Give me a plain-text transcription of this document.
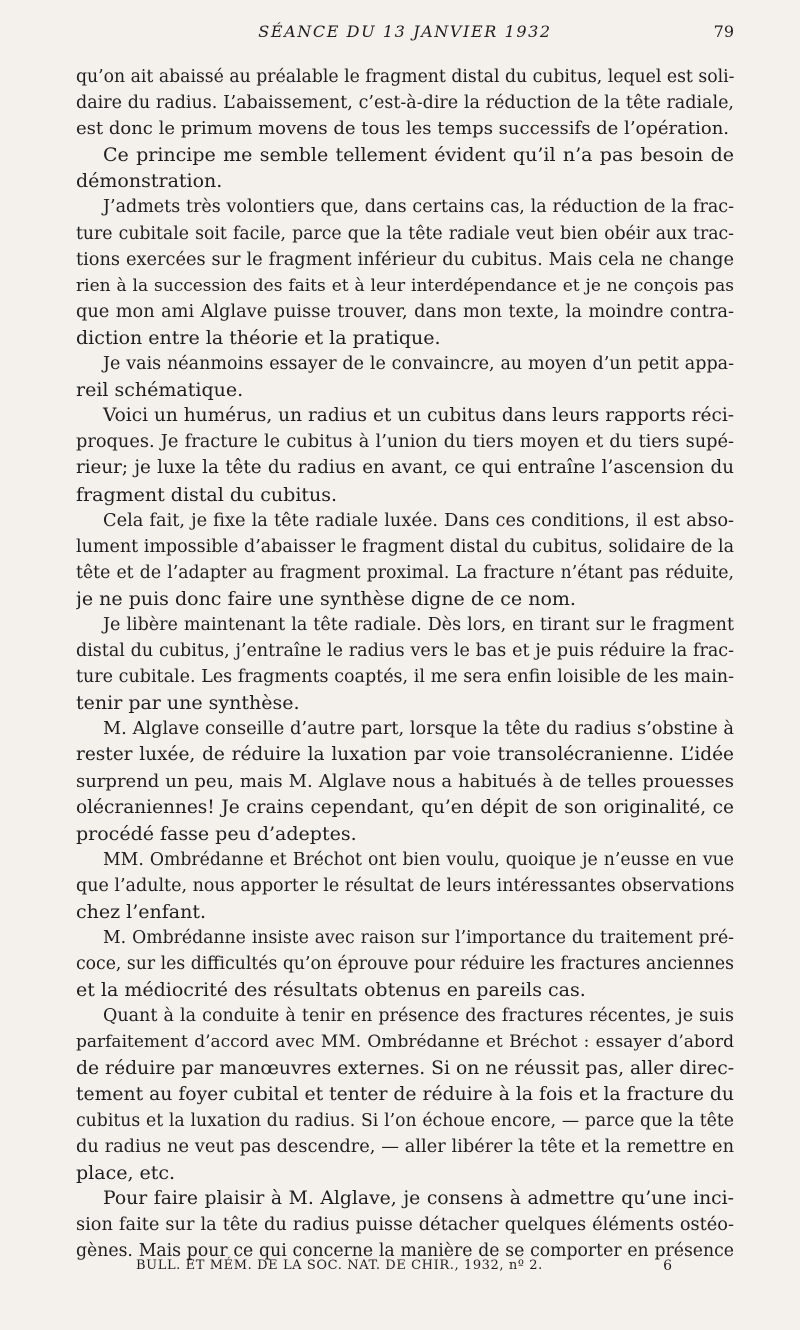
SÉANCE DU 13 JANVIER 1932	79
qu’on ait abaissé au préalable le fragment distal du cubitus, lequel est soli-
daire du radius. L’abaissement, c’est-à-dire la réduction de la tête radiale,
est donc le primum movens de tous les temps successifs de l’opération.
Ce principe me semble tellement évident qu’il n’a pas besoin de
démonstration.
J’admets très volontiers que, dans certains cas, la réduction de la frac-
ture cubitale soit facile, parce que la tête radiale veut bien obéir aux trac-
tions exercées sur le fragment inférieur du cubitus. Mais cela ne change
rien à la succession des faits et à leur interdépendance et je ne conçois pas
que mon ami Alglave puisse trouver, dans mon texte, la moindre contra-
diction entre la théorie et la pratique.
Je vais néanmoins essayer de le convaincre, au moyen d’un petit appa-
reil schématique.
Voici un humérus, un radius et un cubitus dans leurs rapports réci-
proques. Je fracture le cubitus à l’union du tiers moyen et du tiers supé-
rieur; je luxe la tête du radius en avant, ce qui entraîne l’ascension du
fragment distal du cubitus.
Cela fait, je fixe la tête radiale luxée. Dans ces conditions, il est abso-
lument impossible d’abaisser le fragment distal du cubitus, solidaire de la
tête et de l’adapter au fragment proximal. La fracture n’étant pas réduite,
je ne puis donc faire une synthèse digne de ce nom.
Je libère maintenant la tête radiale. Dès lors, en tirant sur le fragment
distal du cubitus, j’entraîne le radius vers le bas et je puis réduire la frac-
ture cubitale. Les fragments coaptés, il me sera enfin loisible de les main-
tenir par une synthèse.
M. Alglave conseille d’autre part, lorsque la tête du radius s’obstine à
rester luxée, de réduire la luxation par voie transolécranienne. L’idée
surprend un peu, mais M. Alglave nous a habitués à de telles prouesses
olécraniennes! Je crains cependant, qu’en dépit de son originalité, ce
procédé fasse peu d’adeptes.
MM. Ombrédanne et Bréchot ont bien voulu, quoique je n’eusse en vue
que l’adulte, nous apporter le résultat de leurs intéressantes observations
chez l’enfant.
M. Ombrédanne insiste avec raison sur l’importance du traitement pré-
coce, sur les difficultés qu’on éprouve pour réduire les fractures anciennes
et la médiocrité des résultats obtenus en pareils cas.
Quant à la conduite à tenir en présence des fractures récentes, je suis
parfaitement d’accord avec MM. Ombrédanne et Bréchot : essayer d’abord
de réduire par manœuvres externes. Si on ne réussit pas, aller direc-
tement au foyer cubital et tenter de réduire à la fois et la fracture du
cubitus et la luxation du radius. Si l’on échoue encore, — parce que la tête
du radius ne veut pas descendre, — aller libérer la tête et la remettre en
place, etc.
Pour faire plaisir à M. Alglave, je consens à admettre qu’une inci-
sion faite sur la tête du radius puisse détacher quelques éléments ostéo-
gènes. Mais pour ce qui concerne la manière de se comporter en présence
BULL. ET MÉM. DE LA SOC. NAT. DE CHIR., 1932, nº 2.	6
